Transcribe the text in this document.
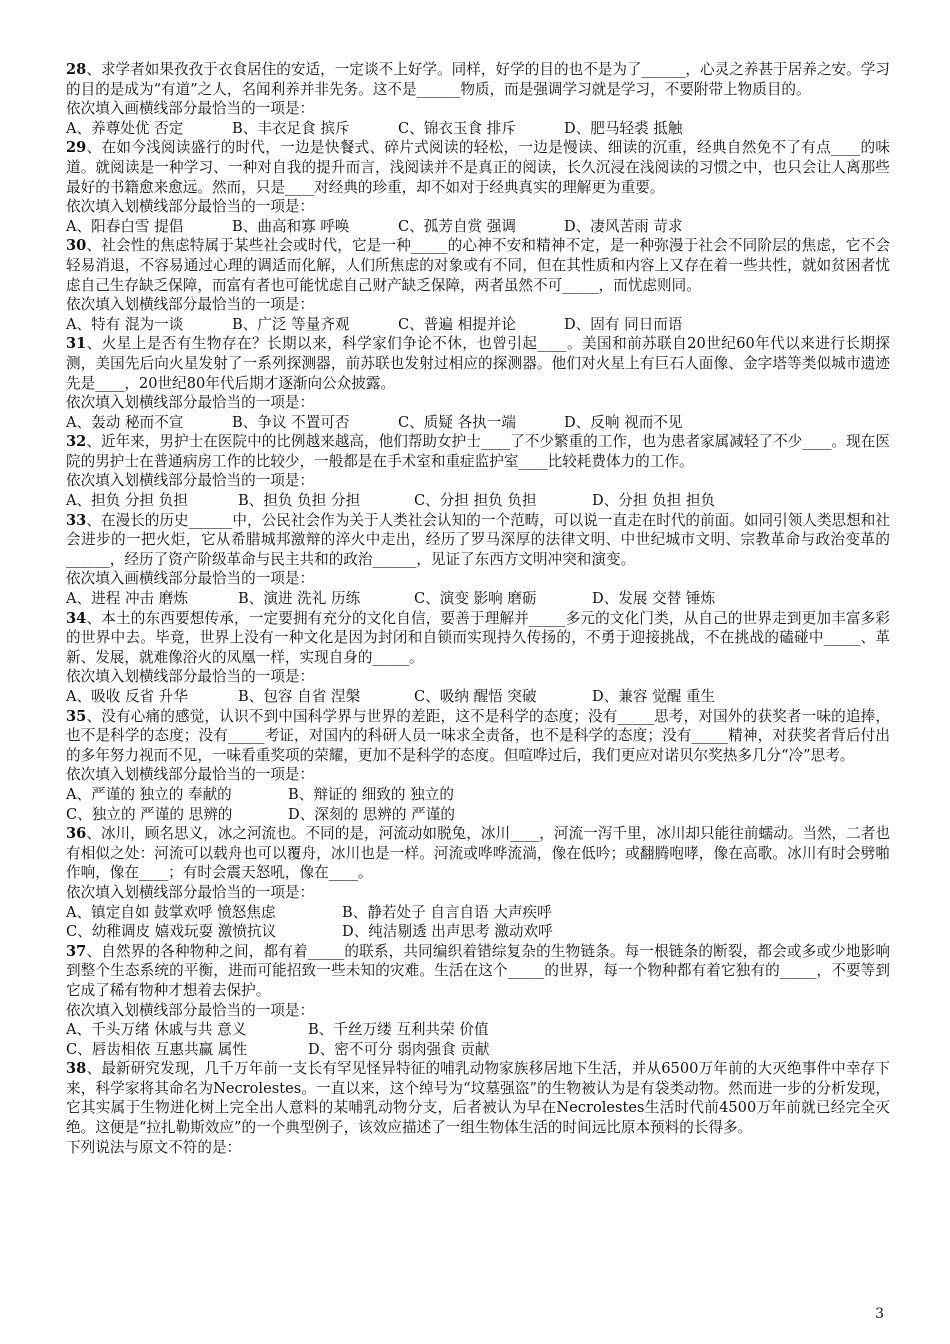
28、求学者如果孜孜于衣食居住的安适，一定谈不上好学。同样，好学的目的也不是为了______，心灵之养甚于居养之安。学习的目的是成为“有道”之人，名闻利养并非先务。这不是______物质，而是强调学习就是学习，不要附带上物质目的。

依次填入画横线部分最恰当的一项是：

A、养尊处优 否定	B、丰衣足食 摈斥	C、锦衣玉食 排斥	D、肥马轻裘 抵触

29、在如今浅阅读盛行的时代，一边是快餐式、碎片式阅读的轻松，一边是慢读、细读的沉重，经典自然免不了有点____的味道。就阅读是一种学习、一种对自我的提升而言，浅阅读并不是真正的阅读，长久沉浸在浅阅读的习惯之中，也只会让人离那些最好的书籍愈来愈远。然而，只是____对经典的珍重，却不如对于经典真实的理解更为重要。

依次填入划横线部分最恰当的一项是：

A、阳春白雪 提倡	B、曲高和寡 呼唤	C、孤芳自赏 强调	D、凄风苦雨 苛求

30、社会性的焦虑特属于某些社会或时代，它是一种_____的心神不安和精神不定，是一种弥漫于社会不同阶层的焦虑，它不会轻易消退，不容易通过心理的调适而化解，人们所焦虑的对象或有不同，但在其性质和内容上又存在着一些共性，就如贫困者忧虑自己生存缺乏保障，而富有者也可能忧虑自己财产缺乏保障，两者虽然不可_____，而忧虑则同。

依次填入划横线部分最恰当的一项是：

A、特有 混为一谈	B、广泛 等量齐观	C、普遍 相提并论	D、固有 同日而语

31、火星上是否有生物存在？长期以来，科学家们争论不休，也曾引起____。美国和前苏联自20世纪60年代以来进行长期探测，美国先后向火星发射了一系列探测器，前苏联也发射过相应的探测器。他们对火星上有巨石人面像、金字塔等类似城市遗迹先是____，20世纪80年代后期才逐渐向公众披露。

依次填入划横线部分最恰当的一项是：

A、轰动 秘而不宣	B、争议 不置可否	C、质疑 各执一端	D、反响 视而不见

32、近年来，男护士在医院中的比例越来越高，他们帮助女护士____了不少繁重的工作，也为患者家属减轻了不少____。现在医院的男护士在普通病房工作的比较少，一般都是在手术室和重症监护室____比较耗费体力的工作。

依次填入划横线部分最恰当的一项是：

A、担负 分担 负担	B、担负 负担 分担	C、分担 担负 负担	D、分担 负担 担负

33、在漫长的历史______中，公民社会作为关于人类社会认知的一个范畴，可以说一直走在时代的前面。如同引领人类思想和社会进步的一把火炬，它从希腊城邦激辩的淬火中走出，经历了罗马深厚的法律文明、中世纪城市文明、宗教革命与政治变革的______，经历了资产阶级革命与民主共和的政治______，见证了东西方文明冲突和演变。

依次填入画横线部分最恰当的一项是：

A、进程 冲击 磨炼	B、演进 洗礼 历练	C、演变 影响 磨砺	D、发展 交替 锤炼

34、本土的东西要想传承，一定要拥有充分的文化自信，要善于理解并_____多元的文化门类，从自己的世界走到更加丰富多彩的世界中去。毕竟，世界上没有一种文化是因为封闭和自锁而实现持久传扬的，不勇于迎接挑战，不在挑战的磕碰中_____、革新、发展，就难像浴火的凤凰一样，实现自身的_____。

依次填入划横线部分最恰当的一项是：

A、吸收 反省 升华	B、包容 自省 涅槃	C、吸纳 醒悟 突破	D、兼容 觉醒 重生

35、没有心痛的感觉，认识不到中国科学界与世界的差距，这不是科学的态度；没有_____思考，对国外的获奖者一味的追捧，也不是科学的态度；没有_____考证，对国内的科研人员一味求全责备，也不是科学的态度；没有_____精神，对获奖者背后付出的多年努力视而不见，一味看重奖项的荣耀，更加不是科学的态度。但喧哗过后，我们更应对诺贝尔奖热多几分“冷”思考。

依次填入划横线部分最恰当的一项是：

A、严谨的 独立的 奉献的	B、辩证的 细致的 独立的
C、独立的 严谨的 思辨的	D、深刻的 思辨的 严谨的

36、冰川，顾名思义，冰之河流也。不同的是，河流动如脱兔，冰川____，河流一泻千里，冰川却只能往前蠕动。当然，二者也有相似之处：河流可以载舟也可以覆舟，冰川也是一样。河流或哗哗流淌，像在低吟；或翻腾咆哮，像在高歌。冰川有时会劈啪作响，像在____；有时会震天怒吼，像在____。

依次填入划横线部分最恰当的一项是：

A、镇定自如 鼓掌欢呼 愤怒焦虑	B、静若处子 自言自语 大声疾呼
C、幼稚调皮 嬉戏玩耍 激愤抗议	D、纯洁剔透 出声思考 激动欢呼

37、自然界的各种物种之间，都有着_____的联系，共同编织着错综复杂的生物链条。每一根链条的断裂，都会或多或少地影响到整个生态系统的平衡，进而可能招致一些未知的灾难。生活在这个_____的世界，每一个物种都有着它独有的_____，不要等到它成了稀有物种才想着去保护。

依次填入划横线部分最恰当的一项是：

A、千头万绪 休戚与共 意义	B、千丝万缕 互利共荣 价值
C、唇齿相依 互惠共赢 属性	D、密不可分 弱肉强食 贡献

38、最新研究发现，几千万年前一支长有罕见怪异特征的哺乳动物家族移居地下生活，并从6500万年前的大灭绝事件中幸存下来，科学家将其命名为Necrolestes。一直以来，这个绰号为“坟墓强盗”的生物被认为是有袋类动物。然而进一步的分析发现，它其实属于生物进化树上完全出人意料的某哺乳动物分支，后者被认为早在Necrolestes生活时代前4500万年前就已经完全灭绝。这便是“拉扎勒斯效应”的一个典型例子，该效应描述了一组生物体生活的时间远比原本预料的长得多。

下列说法与原文不符的是：

3
